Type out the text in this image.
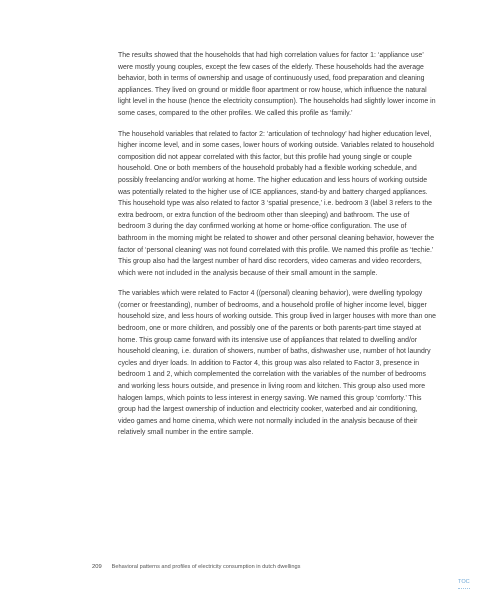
The results showed that the households that had high correlation values for factor 1: ‘appliance use’ were mostly young couples, except the few cases of the elderly. These households had the average behavior, both in terms of ownership and usage of continuously used, food preparation and cleaning appliances. They lived on ground or middle floor apartment or row house, which influence the natural light level in the house (hence the electricity consumption). The households had slightly lower income in some cases, compared to the other profiles. We called this profile as ‘family.’

The household variables that related to factor 2: ‘articulation of technology’ had higher education level, higher income level, and in some cases, lower hours of working outside. Variables related to household composition did not appear correlated with this factor, but this profile had young single or couple household. One or both members of the household probably had a flexible working schedule, and possibly freelancing and/or working at home. The higher education and less hours of working outside was potentially related to the higher use of ICE appliances, stand-by and battery charged appliances. This household type was also related to factor 3 ‘spatial presence,’ i.e. bedroom 3 (label 3 refers to the extra bedroom, or extra function of the bedroom other than sleeping) and bathroom. The use of bedroom 3 during the day confirmed working at home or home-office configuration. The use of bathroom in the morning might be related to shower and other personal cleaning behavior, however the factor of ‘personal cleaning’ was not found correlated with this profile. We named this profile as ‘techie.’ This group also had the largest number of hard disc recorders, video cameras and video recorders, which were not included in the analysis because of their small amount in the sample.

The variables which were related to Factor 4 ((personal) cleaning behavior), were dwelling typology (corner or freestanding), number of bedrooms, and a household profile of higher income level, bigger household size, and less hours of working outside. This group lived in larger houses with more than one bedroom, one or more children, and possibly one of the parents or both parents-part time stayed at home. This group came forward with its intensive use of appliances that related to dwelling and/or household cleaning, i.e. duration of showers, number of baths, dishwasher use, number of hot laundry cycles and dryer loads. In addition to Factor 4, this group was also related to Factor 3, presence in bedroom 1 and 2, which complemented the correlation with the variables of the number of bedrooms and working less hours outside, and presence in living room and kitchen. This group also used more halogen lamps, which points to less interest in energy saving. We named this group ‘comforty.’ This group had the largest ownership of induction and electricity cooker, waterbed and air conditioning, video games and home cinema, which were not normally included in the analysis because of their relatively small number in the entire sample.

209 Behavioral patterns and profiles of electricity consumption in dutch dwellings
TOC
